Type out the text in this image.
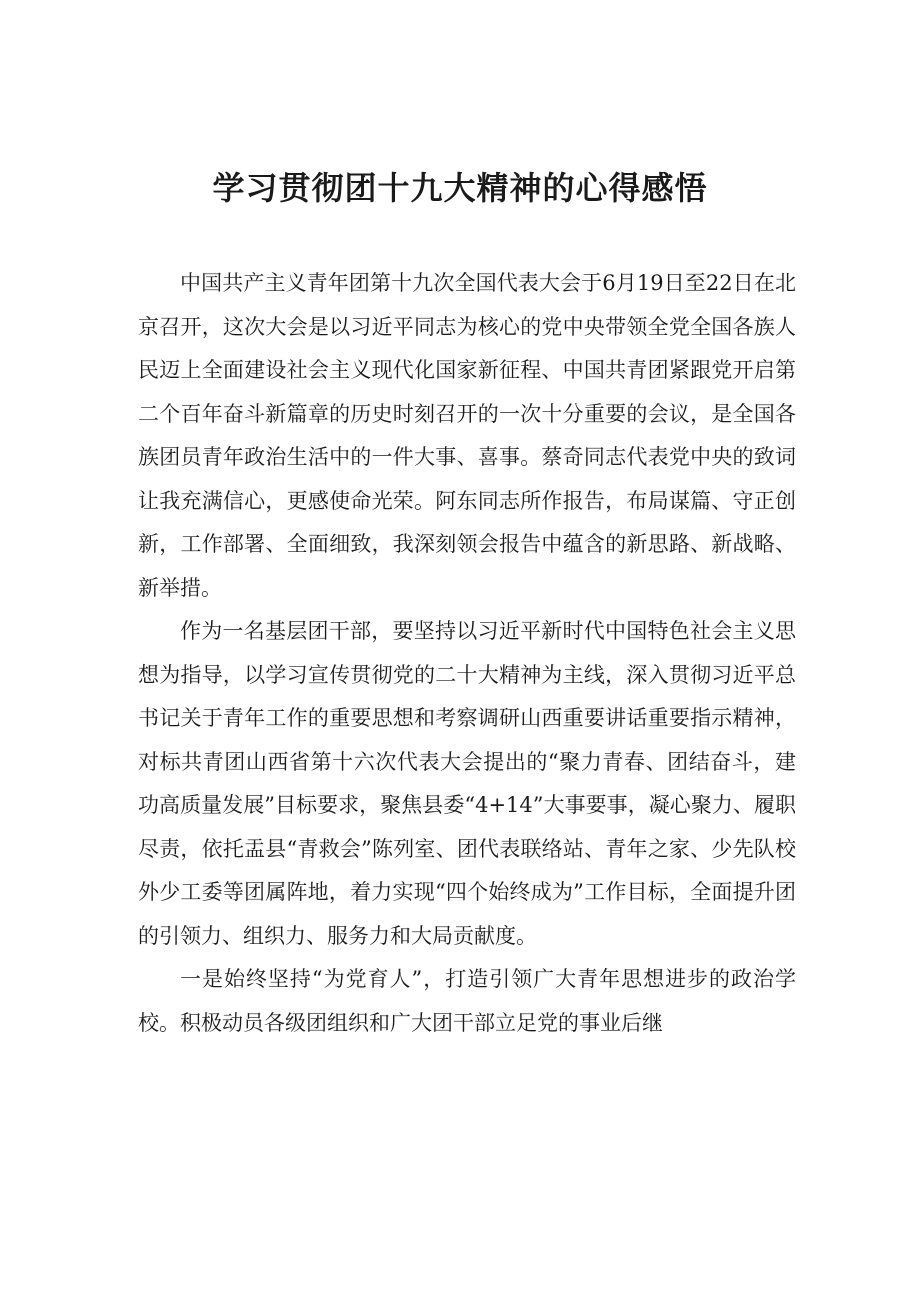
学习贯彻团十九大精神的心得感悟

中国共产主义青年团第十九次全国代表大会于6月19日至22日在北京召开，这次大会是以习近平同志为核心的党中央带领全党全国各族人民迈上全面建设社会主义现代化国家新征程、中国共青团紧跟党开启第二个百年奋斗新篇章的历史时刻召开的一次十分重要的会议，是全国各族团员青年政治生活中的一件大事、喜事。蔡奇同志代表党中央的致词让我充满信心，更感使命光荣。阿东同志所作报告，布局谋篇、守正创新，工作部署、全面细致，我深刻领会报告中蕴含的新思路、新战略、新举措。

作为一名基层团干部，要坚持以习近平新时代中国特色社会主义思想为指导，以学习宣传贯彻党的二十大精神为主线，深入贯彻习近平总书记关于青年工作的重要思想和考察调研山西重要讲话重要指示精神，对标共青团山西省第十六次代表大会提出的“聚力青春、团结奋斗，建功高质量发展”目标要求，聚焦县委“4+14”大事要事，凝心聚力、履职尽责，依托盂县“青救会”陈列室、团代表联络站、青年之家、少先队校外少工委等团属阵地，着力实现“四个始终成为”工作目标，全面提升团的引领力、组织力、服务力和大局贡献度。

一是始终坚持“为党育人”，打造引领广大青年思想进步的政治学校。积极动员各级团组织和广大团干部立足党的事业后继
